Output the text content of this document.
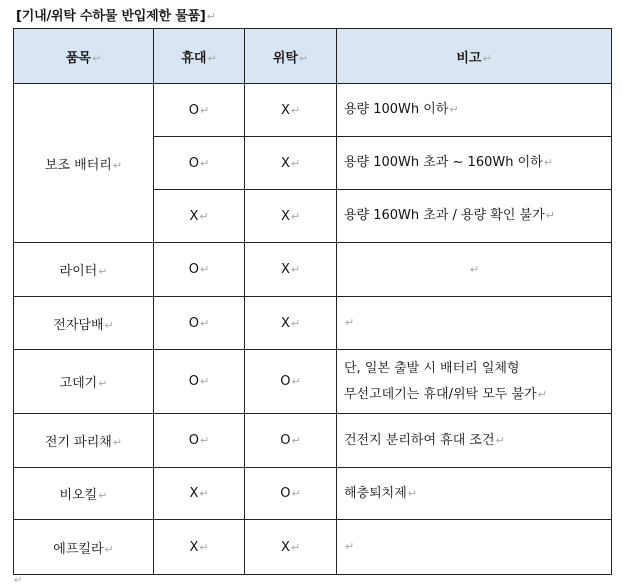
[기내/위탁 수하물 반입제한 물품]↵
품목↵	휴대↵	위탁↵	비고↵
보조 배터리↵	O↵	X↵	용량 100Wh 이하↵
	O↵	X↵	용량 100Wh 초과 ~ 160Wh 이하↵
	X↵	X↵	용량 160Wh 초과 / 용량 확인 불가↵
라이터↵	O↵	X↵	↵
전자담배↵	O↵	X↵	↵
고데기↵	O↵	O↵	단, 일본 출발 시 배터리 일체형
무선고데기는 휴대/위탁 모두 불가↵
전기 파리채↵	O↵	O↵	건전지 분리하여 휴대 조건↵
비오킬↵	X↵	O↵	해충퇴치제↵
에프킬라↵	X↵	X↵	↵
↵
